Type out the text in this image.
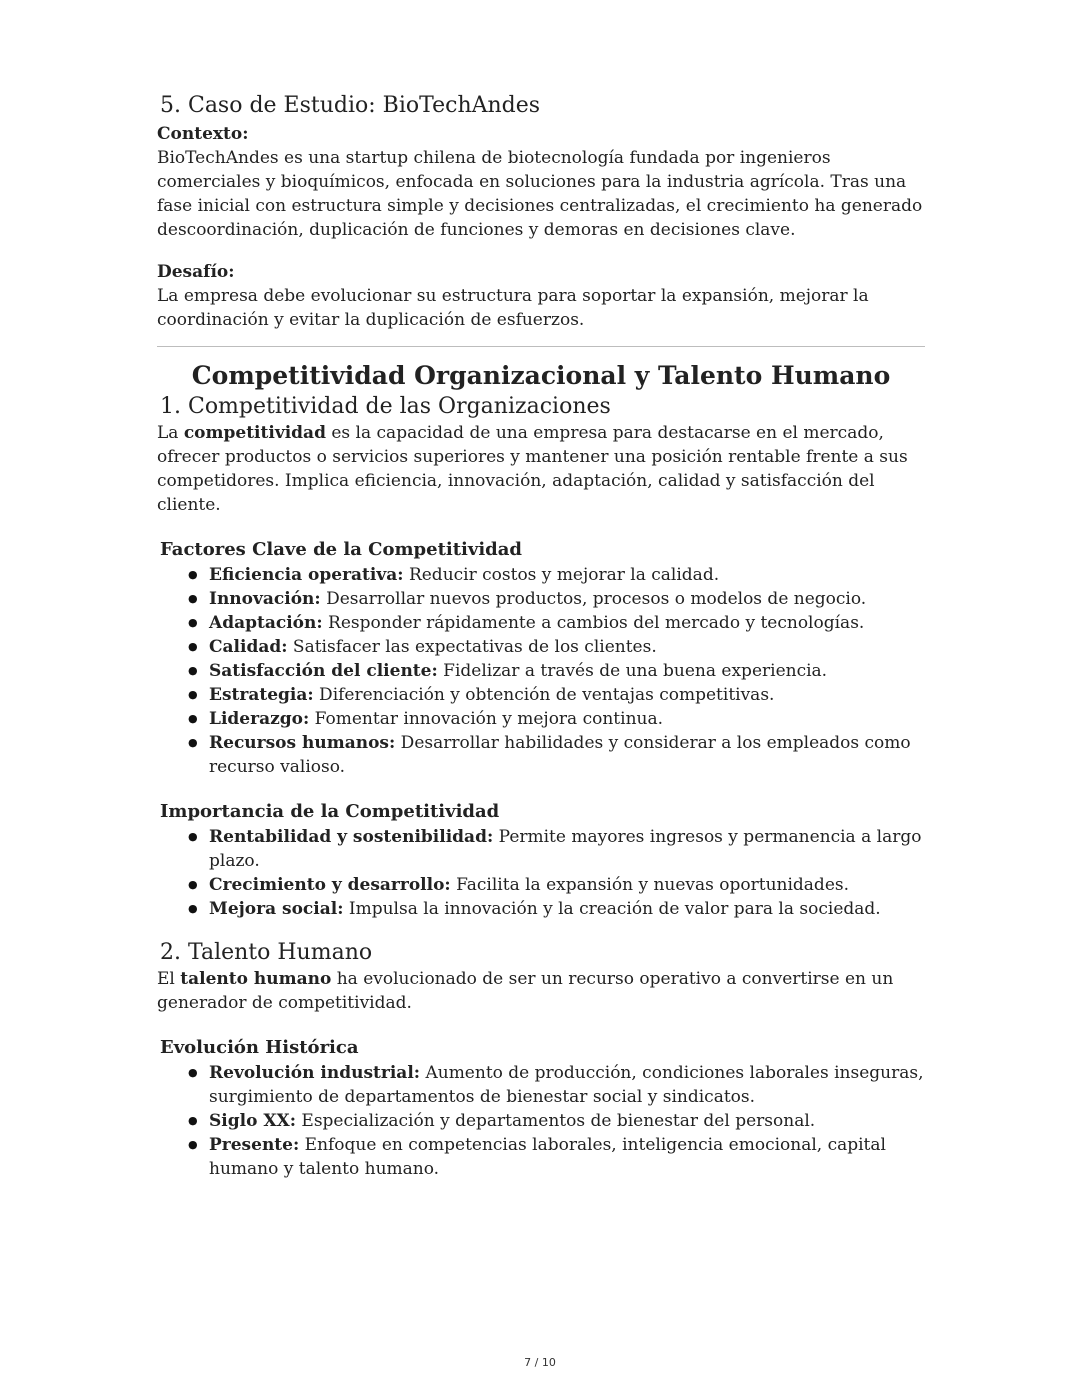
5. Caso de Estudio: BioTechAndes

Contexto:

BioTechAndes es una startup chilena de biotecnología fundada por ingenieros comerciales y bioquímicos, enfocada en soluciones para la industria agrícola. Tras una fase inicial con estructura simple y decisiones centralizadas, el crecimiento ha generado descoordinación, duplicación de funciones y demoras en decisiones clave.

Desafío:

La empresa debe evolucionar su estructura para soportar la expansión, mejorar la coordinación y evitar la duplicación de esfuerzos.

Competitividad Organizacional y Talento Humano
1. Competitividad de las Organizaciones

La competitividad es la capacidad de una empresa para destacarse en el mercado, ofrecer productos o servicios superiores y mantener una posición rentable frente a sus competidores. Implica eficiencia, innovación, adaptación, calidad y satisfacción del cliente.

Factores Clave de la Competitividad
● Eficiencia operativa: Reducir costos y mejorar la calidad.
● Innovación: Desarrollar nuevos productos, procesos o modelos de negocio.
● Adaptación: Responder rápidamente a cambios del mercado y tecnologías.
● Calidad: Satisfacer las expectativas de los clientes.
● Satisfacción del cliente: Fidelizar a través de una buena experiencia.
● Estrategia: Diferenciación y obtención de ventajas competitivas.
● Liderazgo: Fomentar innovación y mejora continua.
● Recursos humanos: Desarrollar habilidades y considerar a los empleados como recurso valioso.
Importancia de la Competitividad
● Rentabilidad y sostenibilidad: Permite mayores ingresos y permanencia a largo plazo.
● Crecimiento y desarrollo: Facilita la expansión y nuevas oportunidades.
● Mejora social: Impulsa la innovación y la creación de valor para la sociedad.
2. Talento Humano

El talento humano ha evolucionado de ser un recurso operativo a convertirse en un generador de competitividad.

Evolución Histórica
● Revolución industrial: Aumento de producción, condiciones laborales inseguras, surgimiento de departamentos de bienestar social y sindicatos.
● Siglo XX: Especialización y departamentos de bienestar del personal.
● Presente: Enfoque en competencias laborales, inteligencia emocional, capital humano y talento humano.
7 / 10
